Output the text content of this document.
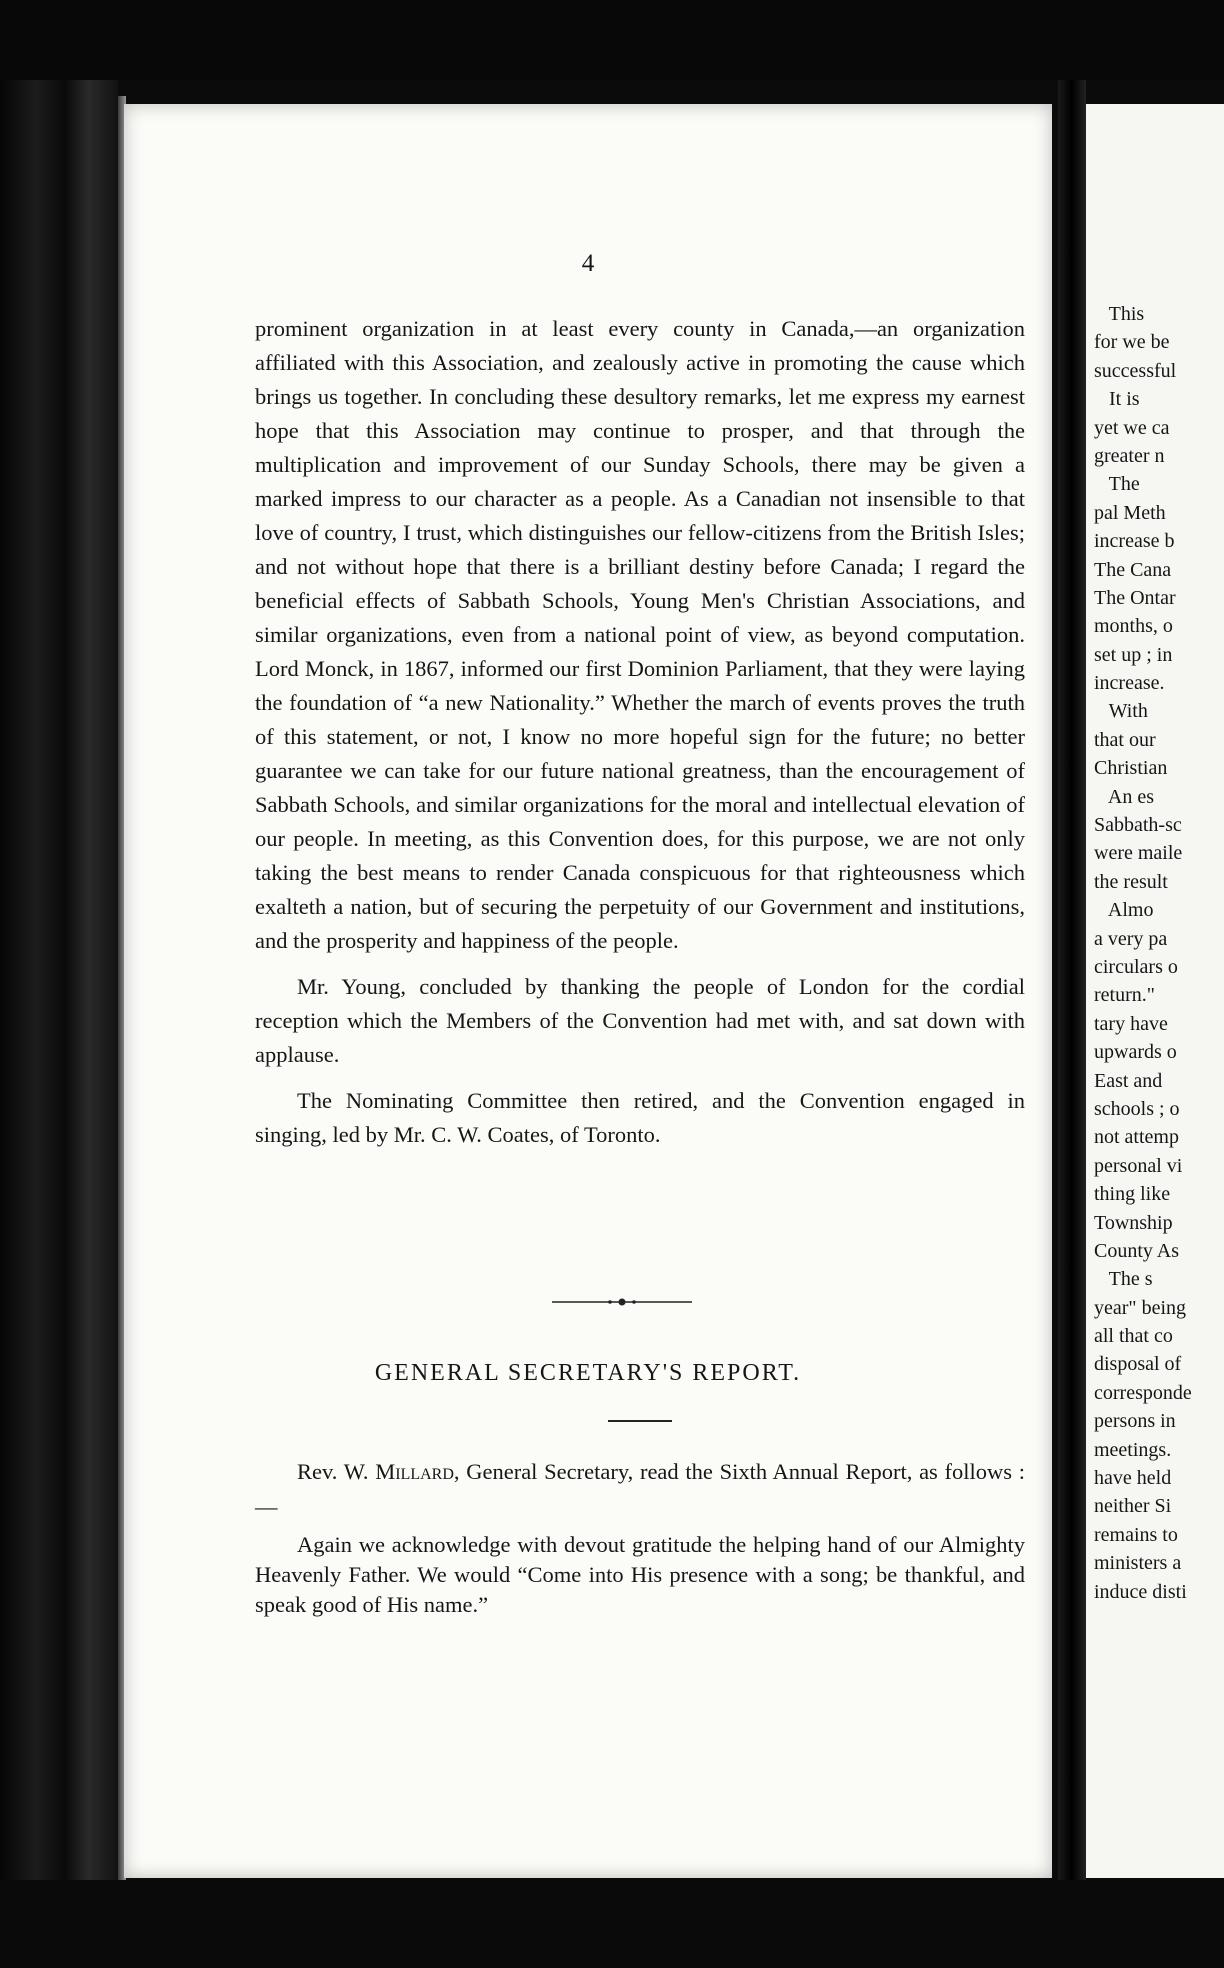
4

prominent organization in at least every county in Canada,—an organization affiliated with this Association, and zealously active in promoting the cause which brings us together. In concluding these desultory remarks, let me express my earnest hope that this Association may continue to prosper, and that through the multiplication and improvement of our Sunday Schools, there may be given a marked impress to our character as a people. As a Canadian not insensible to that love of country, I trust, which distinguishes our fellow-citizens from the British Isles; and not without hope that there is a brilliant destiny before Canada; I regard the beneficial effects of Sabbath Schools, Young Men's Christian Associations, and similar organizations, even from a national point of view, as beyond computation. Lord Monck, in 1867, informed our first Dominion Parliament, that they were laying the foundation of “a new Nationality.” Whether the march of events proves the truth of this statement, or not, I know no more hopeful sign for the future; no better guarantee we can take for our future national greatness, than the encouragement of Sabbath Schools, and similar organizations for the moral and intellectual elevation of our people. In meeting, as this Convention does, for this purpose, we are not only taking the best means to render Canada conspicuous for that righteousness which exalteth a nation, but of securing the perpetuity of our Government and institutions, and the prosperity and happiness of the people.

Mr. Young, concluded by thanking the people of London for the cordial reception which the Members of the Convention had met with, and sat down with applause.

The Nominating Committee then retired, and the Convention engaged in singing, led by Mr. C. W. Coates, of Toronto.

GENERAL SECRETARY'S REPORT.

Rev. W. Millard, General Secretary, read the Sixth Annual Report, as follows :—

Again we acknowledge with devout gratitude the helping hand of our Almighty Heavenly Father. We would “Come into His presence with a song; be thankful, and speak good of His name.”

This
for we be
successful
It is
yet we ca
greater n
The
pal Meth
increase b
The Cana
The Ontar
months, o
set up ; in
increase.
With
that our
Christian
An es
Sabbath-sc
were maile
the result
Almo
a very pa
circulars o
return."
tary have
upwards o
East and
schools ; o
not attemp
personal vi
thing like
Township
County As
The s
year" being
all that co
disposal of
corresponde
persons in
meetings.
have held
neither Si
remains to
ministers a
induce disti
